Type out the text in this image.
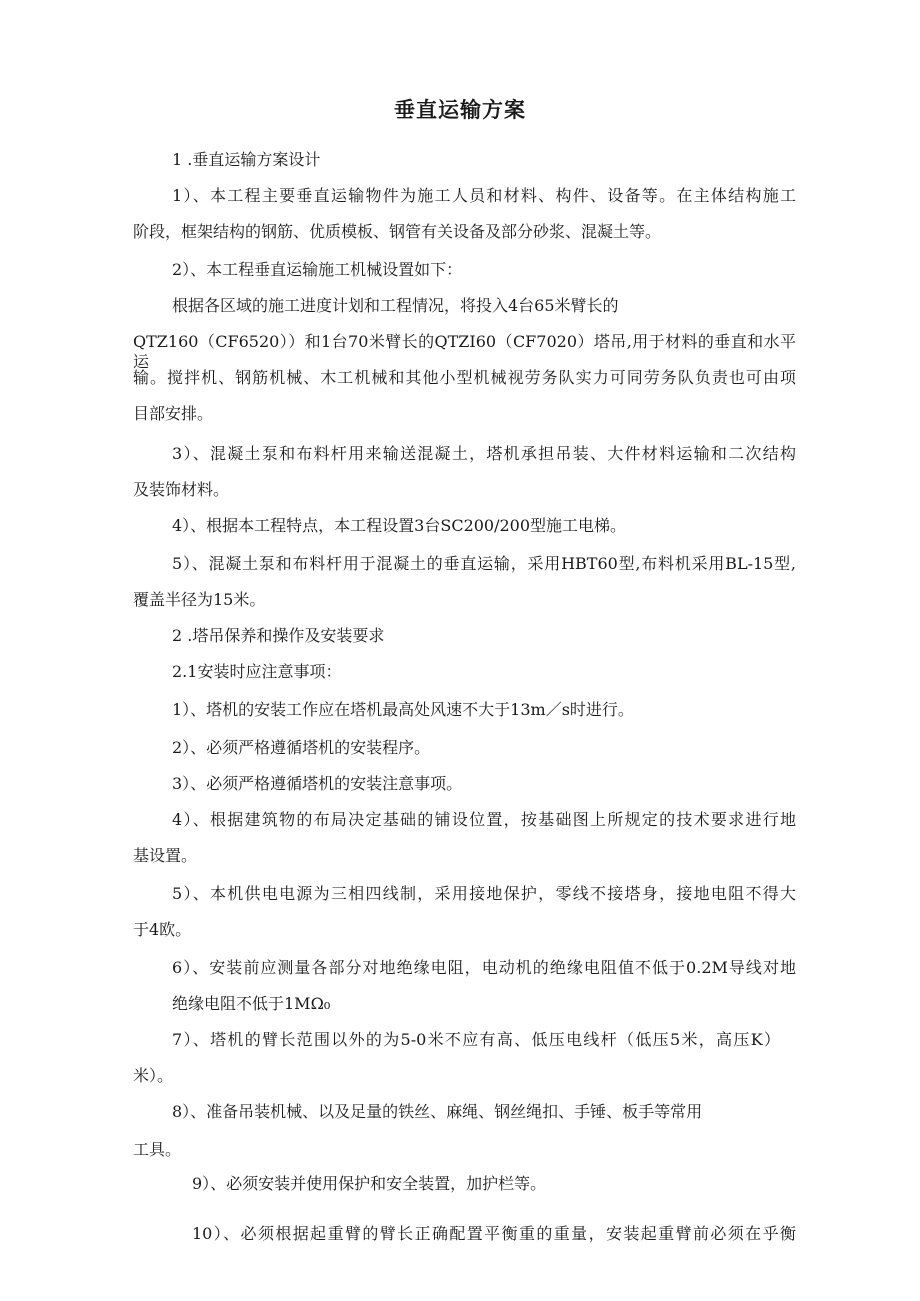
垂直运输方案
1 .垂直运输方案设计
1）、本工程主要垂直运输物件为施工人员和材料、构件、设备等。在主体结构施工
阶段，框架结构的钢筋、优质模板、钢管有关设备及部分砂浆、混凝土等。
2）、本工程垂直运输施工机械设置如下：
根据各区域的施工进度计划和工程情况，将投入4台65米臂长的
QTZ160（CF6520））和1台70米臂长的QTZI60（CF7020）塔吊,用于材料的垂直和水平运
输。搅拌机、钢筋机械、木工机械和其他小型机械视劳务队实力可同劳务队负责也可由项
目部安排。
3）、混凝土泵和布料杆用来输送混凝土，塔机承担吊装、大件材料运输和二次结构
及装饰材料。
4）、根据本工程特点，本工程设置3台SC200/200型施工电梯。
5）、混凝土泵和布料杆用于混凝土的垂直运输，采用HBT60型,布料机采用BL-15型,
覆盖半径为15米。
2 .塔吊保养和操作及安装要求
2.1安装时应注意事项：
1）、塔机的安装工作应在塔机最高处风速不大于13m／s时进行。
2）、必须严格遵循塔机的安装程序。
3）、必须严格遵循塔机的安装注意事项。
4）、根据建筑物的布局决定基础的铺设位置，按基础图上所规定的技术要求进行地
基设置。
5）、本机供电电源为三相四线制，采用接地保护，零线不接塔身，接地电阻不得大
于4欧。
6）、安装前应测量各部分对地绝缘电阻，电动机的绝缘电阻值不低于0.2M导线对地
绝缘电阻不低于1MΩ₀
7）、塔机的臂长范围以外的为5-0米不应有高、低压电线杆（低压5米，高压K）
米）。
8）、准备吊装机械、以及足量的铁丝、麻绳、钢丝绳扣、手锤、板手等常用
工具。
9）、必须安装并使用保护和安全装置，加护栏等。
10）、必须根据起重臂的臂长正确配置平衡重的重量，安装起重臂前必须在乎衡
